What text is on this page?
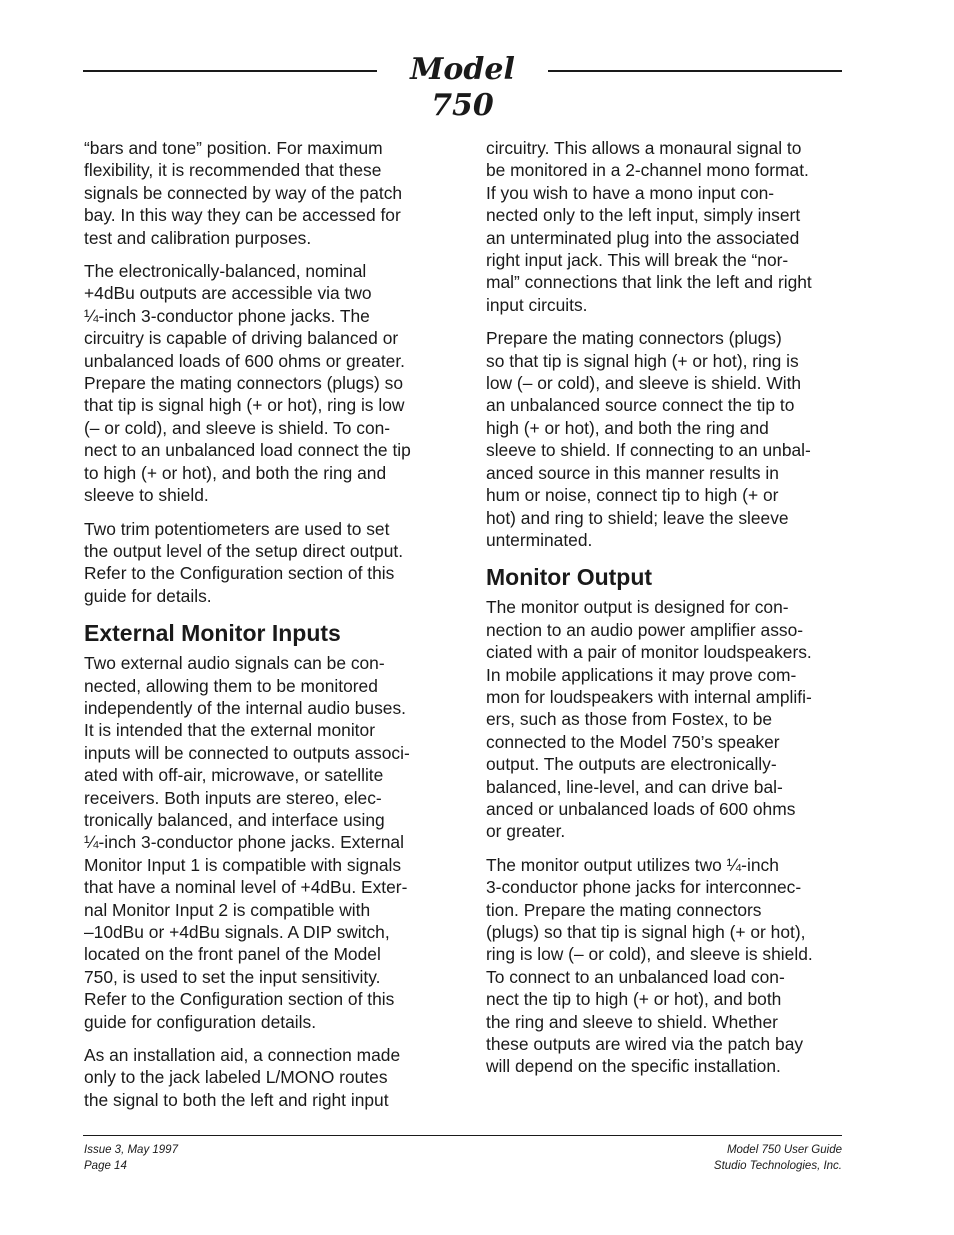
Model 750

“bars and tone” position. For maximum
flexibility, it is recommended that these
signals be connected by way of the patch
bay. In this way they can be accessed for
test and calibration purposes.

The electronically-balanced, nominal
+4dBu outputs are accessible via two
¼-inch 3-conductor phone jacks. The
circuitry is capable of driving balanced or
unbalanced loads of 600 ohms or greater.
Prepare the mating connectors (plugs) so
that tip is signal high (+ or hot), ring is low
(– or cold), and sleeve is shield. To con-
nect to an unbalanced load connect the tip
to high (+ or hot), and both the ring and
sleeve to shield.

Two trim potentiometers are used to set
the output level of the setup direct output.
Refer to the Configuration section of this
guide for details.

External Monitor Inputs

Two external audio signals can be con-
nected, allowing them to be monitored
independently of the internal audio buses.
It is intended that the external monitor
inputs will be connected to outputs associ-
ated with off-air, microwave, or satellite
receivers. Both inputs are stereo, elec-
tronically balanced, and interface using
¼-inch 3-conductor phone jacks. External
Monitor Input 1 is compatible with signals
that have a nominal level of +4dBu. Exter-
nal Monitor Input 2 is compatible with
–10dBu or +4dBu signals. A DIP switch,
located on the front panel of the Model
750, is used to set the input sensitivity.
Refer to the Configuration section of this
guide for configuration details.

As an installation aid, a connection made
only to the jack labeled L/MONO routes
the signal to both the left and right input

circuitry. This allows a monaural signal to
be monitored in a 2-channel mono format.
If you wish to have a mono input con-
nected only to the left input, simply insert
an unterminated plug into the associated
right input jack. This will break the “nor-
mal” connections that link the left and right
input circuits.

Prepare the mating connectors (plugs)
so that tip is signal high (+ or hot), ring is
low (– or cold), and sleeve is shield. With
an unbalanced source connect the tip to
high (+ or hot), and both the ring and
sleeve to shield. If connecting to an unbal-
anced source in this manner results in
hum or noise, connect tip to high (+ or
hot) and ring to shield; leave the sleeve
unterminated.

Monitor Output

The monitor output is designed for con-
nection to an audio power amplifier asso-
ciated with a pair of monitor loudspeakers.
In mobile applications it may prove com-
mon for loudspeakers with internal amplifi-
ers, such as those from Fostex, to be
connected to the Model 750’s speaker
output. The outputs are electronically-
balanced, line-level, and can drive bal-
anced or unbalanced loads of 600 ohms
or greater.

The monitor output utilizes two ¼-inch
3-conductor phone jacks for interconnec-
tion. Prepare the mating connectors
(plugs) so that tip is signal high (+ or hot),
ring is low (– or cold), and sleeve is shield.
To connect to an unbalanced load con-
nect the tip to high (+ or hot), and both
the ring and sleeve to shield. Whether
these outputs are wired via the patch bay
will depend on the specific installation.

Issue 3, May 1997
Page 14
Model 750 User Guide
Studio Technologies, Inc.
